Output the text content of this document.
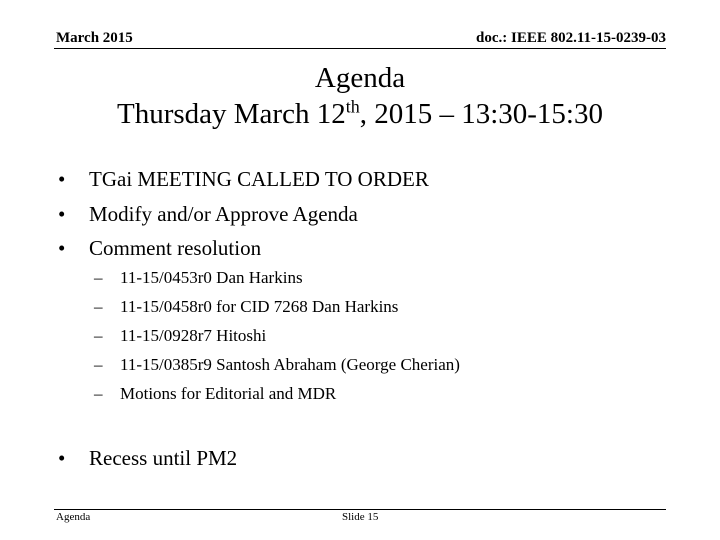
March 2015	doc.: IEEE 802.11-15-0239-03
Agenda
Thursday March 12th, 2015 – 13:30-15:30
• TGai MEETING CALLED TO ORDER
• Modify and/or Approve Agenda
• Comment resolution
– 11-15/0453r0 Dan Harkins
– 11-15/0458r0 for CID 7268 Dan Harkins
– 11-15/0928r7 Hitoshi
– 11-15/0385r9 Santosh Abraham (George Cherian)
– Motions for Editorial and MDR
• Recess until PM2
Agenda	Slide 15
